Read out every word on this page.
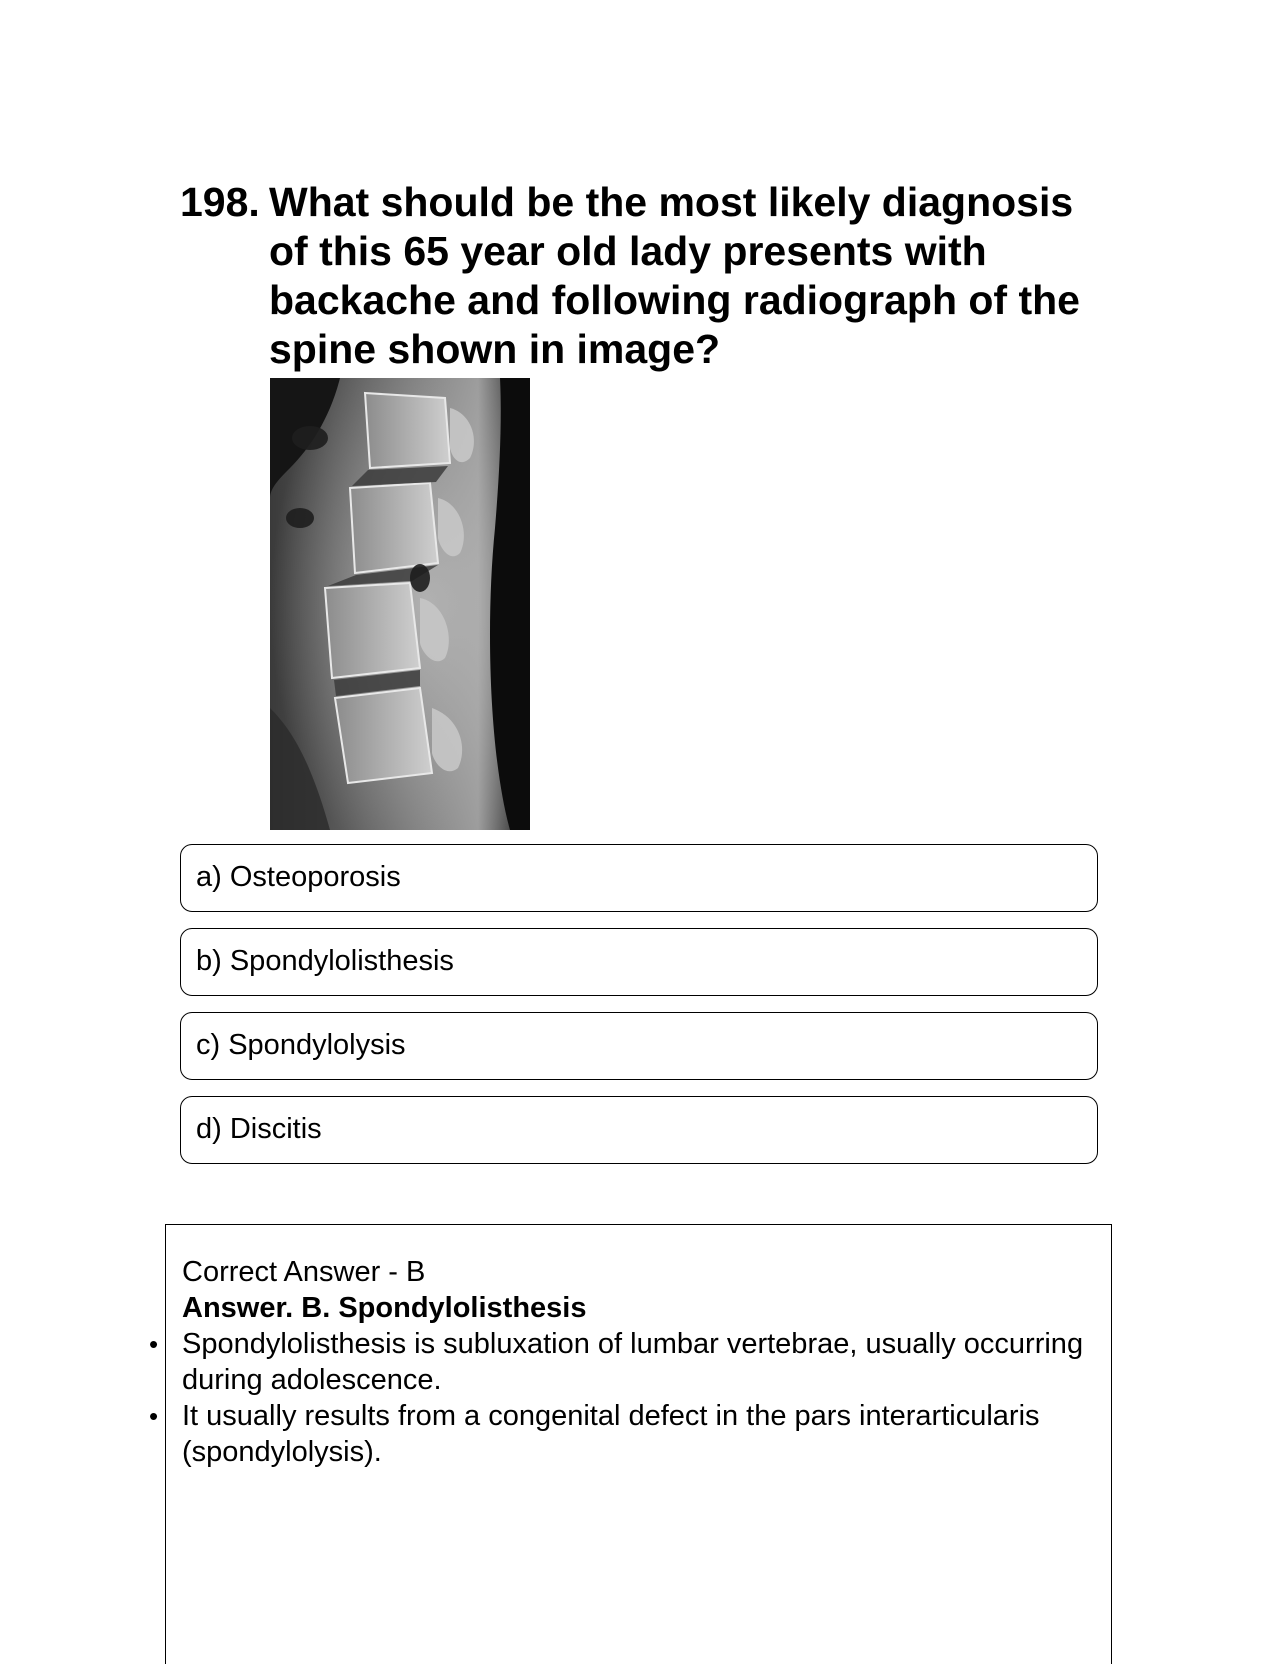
198. What should be the most likely diagnosis of this 65 year old lady presents with backache and following radiograph of the spine shown in image?
a) Osteoporosis
b) Spondylolisthesis
c) Spondylolysis
d) Discitis

Correct Answer - B

Answer. B. Spondylolisthesis

• Spondylolisthesis is subluxation of lumbar vertebrae, usually occurring during adolescence.
• It usually results from a congenital defect in the pars interarticularis (spondylolysis).
